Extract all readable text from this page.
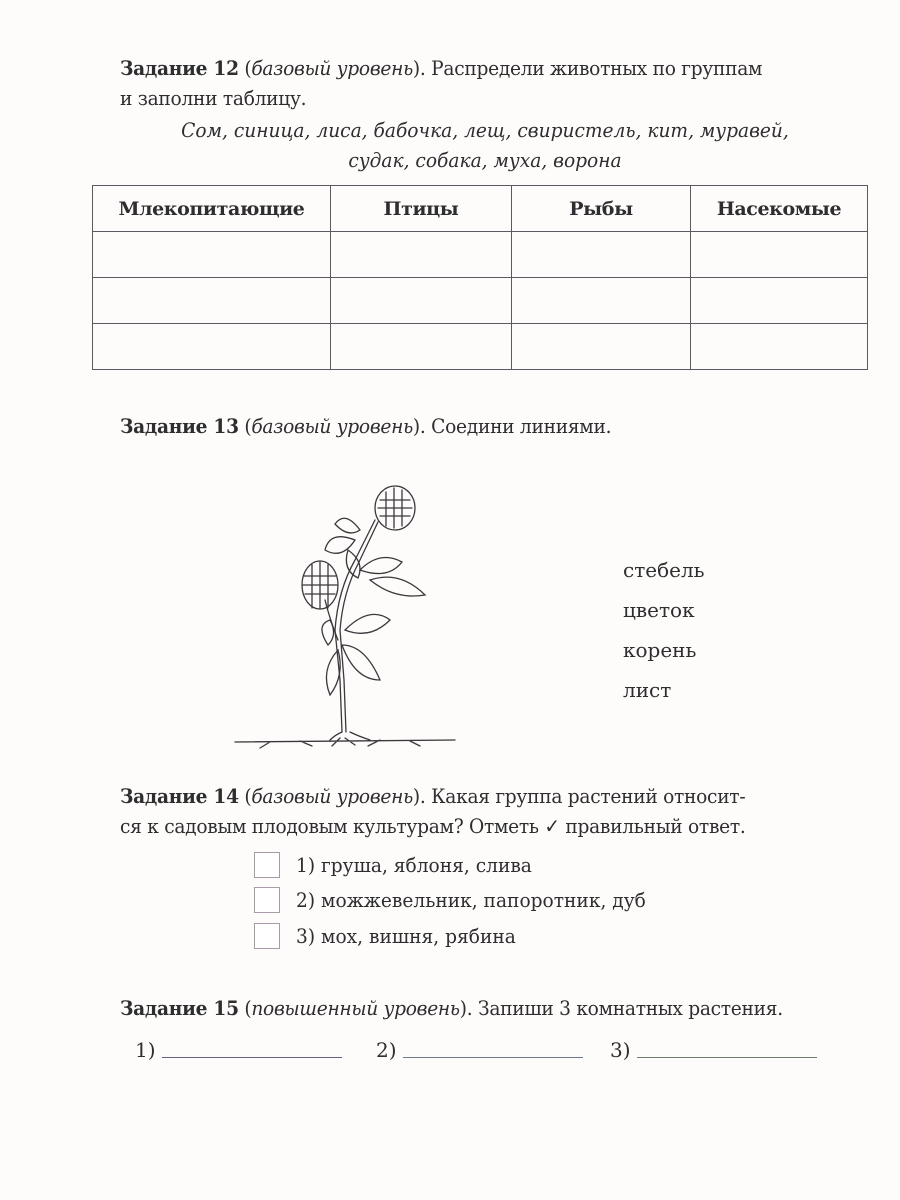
Задание 12 (базовый уровень). Распредели животных по группам
и заполни таблицу.
Сом, синица, лиса, бабочка, лещ, свиристель, кит, муравей,
судак, собака, муха, ворона
Млекопитающие	Птицы	Рыбы	Насекомые

Задание 13 (базовый уровень). Соедини линиями.
стебель
цветок
корень
лист
Задание 14 (базовый уровень). Какая группа растений относит-
ся к садовым плодовым культурам? Отметь ✓ правильный ответ.
1) груша, яблоня, слива
2) можжевельник, папоротник, дуб
3) мох, вишня, рябина
Задание 15 (повышенный уровень). Запиши 3 комнатных растения.
1)	2)	3)
